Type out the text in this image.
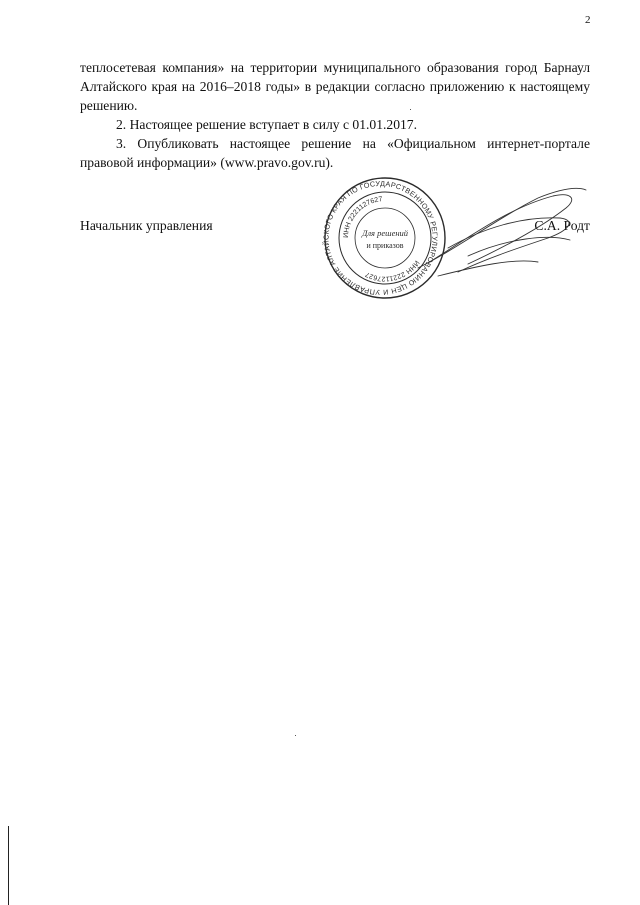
2

теплосетевая компания» на территории муниципального образования город Барнаул Алтайского края на 2016–2018 годы» в редакции согласно приложению к настоящему решению.

2. Настоящее решение вступает в силу с 01.01.2017.

3. Опубликовать настоящее решение на «Официальном интернет-портале правовой информации» (www.pravo.gov.ru).

Начальник управления	С.А. Родт
УПРАВЛЕНИЕ АЛТАЙСКОГО КРАЯ ПО ГОСУДАРСТВЕННОМУ РЕГУЛИРОВАНИЮ ЦЕН И
ИНН 2221127627
ИНН 2221127627
Для решений
и приказов
